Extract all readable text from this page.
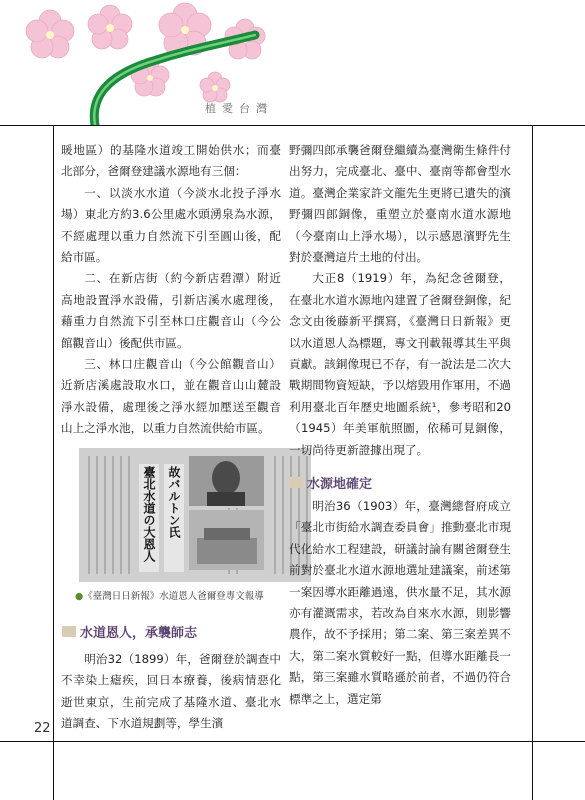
植愛台灣

暖地區）的基隆水道竣工開始供水；而臺北部分，爸爾登建議水源地有三個：

一、以淡水水道（今淡水北投子淨水場）東北方約3.6公里處水頭湧泉為水源，不經處理以重力自然流下引至圓山後，配給市區。

二、在新店街（約今新店碧潭）附近高地設置淨水設備，引新店溪水處理後，藉重力自然流下引至林口庄觀音山（今公館觀音山）後配供市區。

三、林口庄觀音山（今公館觀音山）近新店溪處設取水口，並在觀音山山麓設淨水設備，處理後之淨水經加壓送至觀音山上之淨水池，以重力自然流供給市區。

臺北水道の大恩人 故バルトン氏
●《臺灣日日新報》水道恩人爸爾登專文報導
水道恩人，承襲師志

明治32（1899）年，爸爾登於調查中不幸染上瘧疾，回日本療養，後病情惡化逝世東京，生前完成了基隆水道、臺北水道調查、下水道規劃等，學生濱

野彌四郎承襲爸爾登繼續為臺灣衛生條件付出努力，完成臺北、臺中、臺南等都會型水道。臺灣企業家許文龍先生更將已遺失的濱野彌四郎銅像，重塑立於臺南水道水源地（今臺南山上淨水場），以示感恩濱野先生對於臺灣這片土地的付出。

大正8（1919）年，為紀念爸爾登，在臺北水道水源地內建置了爸爾登銅像，紀念文由後藤新平撰寫，《臺灣日日新報》更以水道恩人為標題，專文刊載報導其生平與貢獻。該銅像現已不存，有一說法是二次大戰期間物資短缺，予以熔毀用作軍用，不過利用臺北百年歷史地圖系統¹，參考昭和20（1945）年美軍航照圖，依稀可見銅像，一切尚待更新證據出現了。

水源地確定

明治36（1903）年，臺灣總督府成立「臺北市街給水調查委員會」推動臺北市現代化給水工程建設，研議討論有關爸爾登生前對於臺北水道水源地選址建議案，前述第一案因導水距離過遠，供水量不足，其水源亦有灌溉需求，若改為自來水水源，則影響農作，故不予採用；第二案、第三案差異不大，第二案水質較好一點，但導水距離長一點，第三案雖水質略遜於前者，不過仍符合標準之上，選定第

22
